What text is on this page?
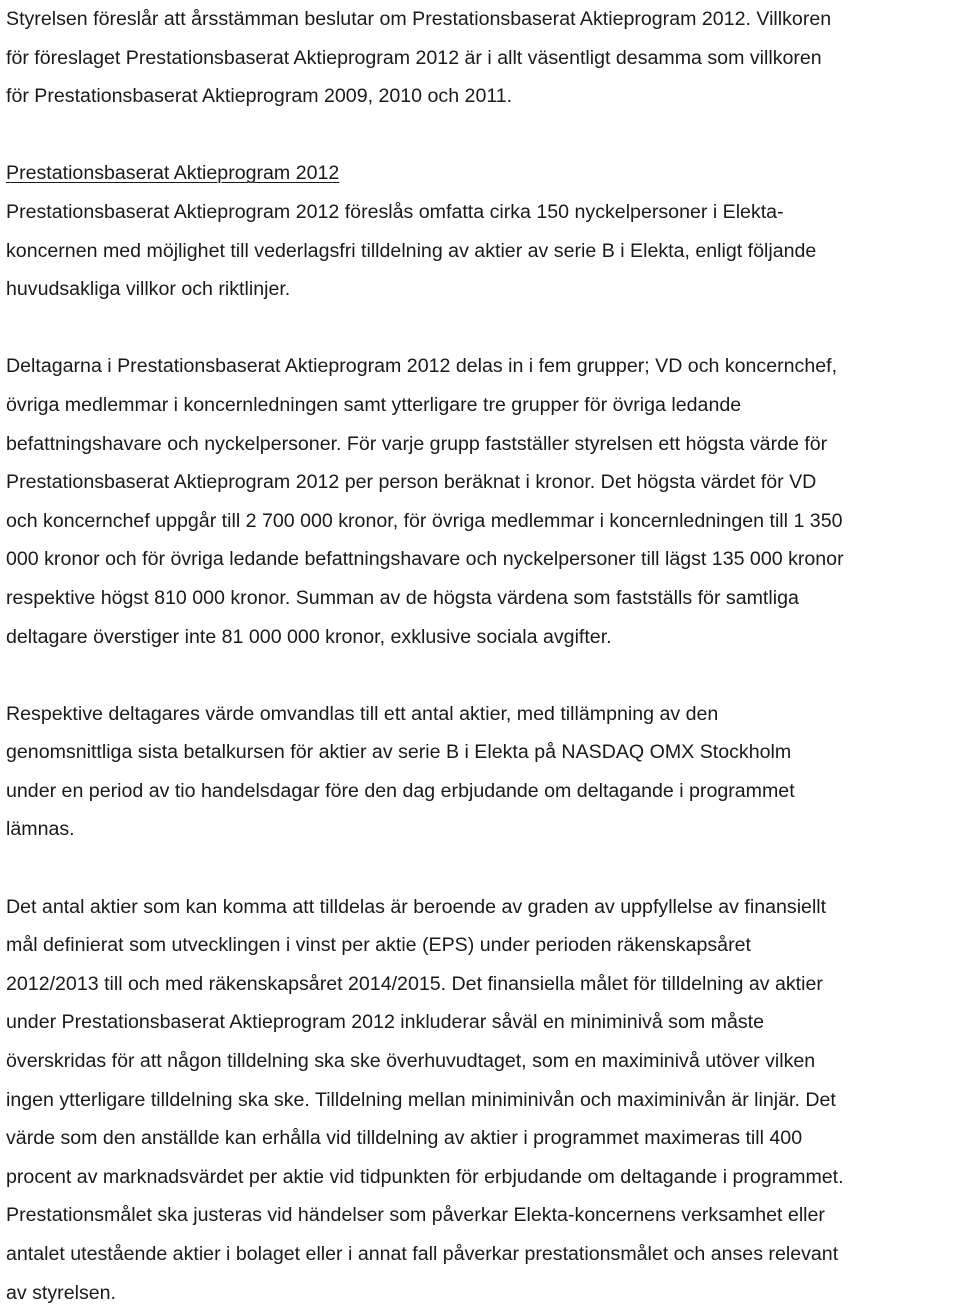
Styrelsen föreslår att årsstämman beslutar om Prestationsbaserat Aktieprogram 2012. Villkoren
för föreslaget Prestationsbaserat Aktieprogram 2012 är i allt väsentligt desamma som villkoren
för Prestationsbaserat Aktieprogram 2009, 2010 och 2011.

Prestationsbaserat Aktieprogram 2012

Prestationsbaserat Aktieprogram 2012 föreslås omfatta cirka 150 nyckelpersoner i Elekta-
koncernen med möjlighet till vederlagsfri tilldelning av aktier av serie B i Elekta, enligt följande
huvudsakliga villkor och riktlinjer.

Deltagarna i Prestationsbaserat Aktieprogram 2012 delas in i fem grupper; VD och koncernchef,
övriga medlemmar i koncernledningen samt ytterligare tre grupper för övriga ledande
befattningshavare och nyckelpersoner. För varje grupp fastställer styrelsen ett högsta värde för
Prestationsbaserat Aktieprogram 2012 per person beräknat i kronor. Det högsta värdet för VD
och koncernchef uppgår till 2 700 000 kronor, för övriga medlemmar i koncernledningen till 1 350
000 kronor och för övriga ledande befattningshavare och nyckelpersoner till lägst 135 000 kronor
respektive högst 810 000 kronor. Summan av de högsta värdena som fastställs för samtliga
deltagare överstiger inte 81 000 000 kronor, exklusive sociala avgifter.

Respektive deltagares värde omvandlas till ett antal aktier, med tillämpning av den
genomsnittliga sista betalkursen för aktier av serie B i Elekta på NASDAQ OMX Stockholm
under en period av tio handelsdagar före den dag erbjudande om deltagande i programmet
lämnas.

Det antal aktier som kan komma att tilldelas är beroende av graden av uppfyllelse av finansiellt
mål definierat som utvecklingen i vinst per aktie (EPS) under perioden räkenskapsåret
2012/2013 till och med räkenskapsåret 2014/2015. Det finansiella målet för tilldelning av aktier
under Prestationsbaserat Aktieprogram 2012 inkluderar såväl en miniminivå som måste
överskridas för att någon tilldelning ska ske överhuvudtaget, som en maximinivå utöver vilken
ingen ytterligare tilldelning ska ske. Tilldelning mellan miniminivån och maximinivån är linjär. Det
värde som den anställde kan erhålla vid tilldelning av aktier i programmet maximeras till 400
procent av marknadsvärdet per aktie vid tidpunkten för erbjudande om deltagande i programmet.
Prestationsmålet ska justeras vid händelser som påverkar Elekta-koncernens verksamhet eller
antalet utestående aktier i bolaget eller i annat fall påverkar prestationsmålet och anses relevant
av styrelsen.
